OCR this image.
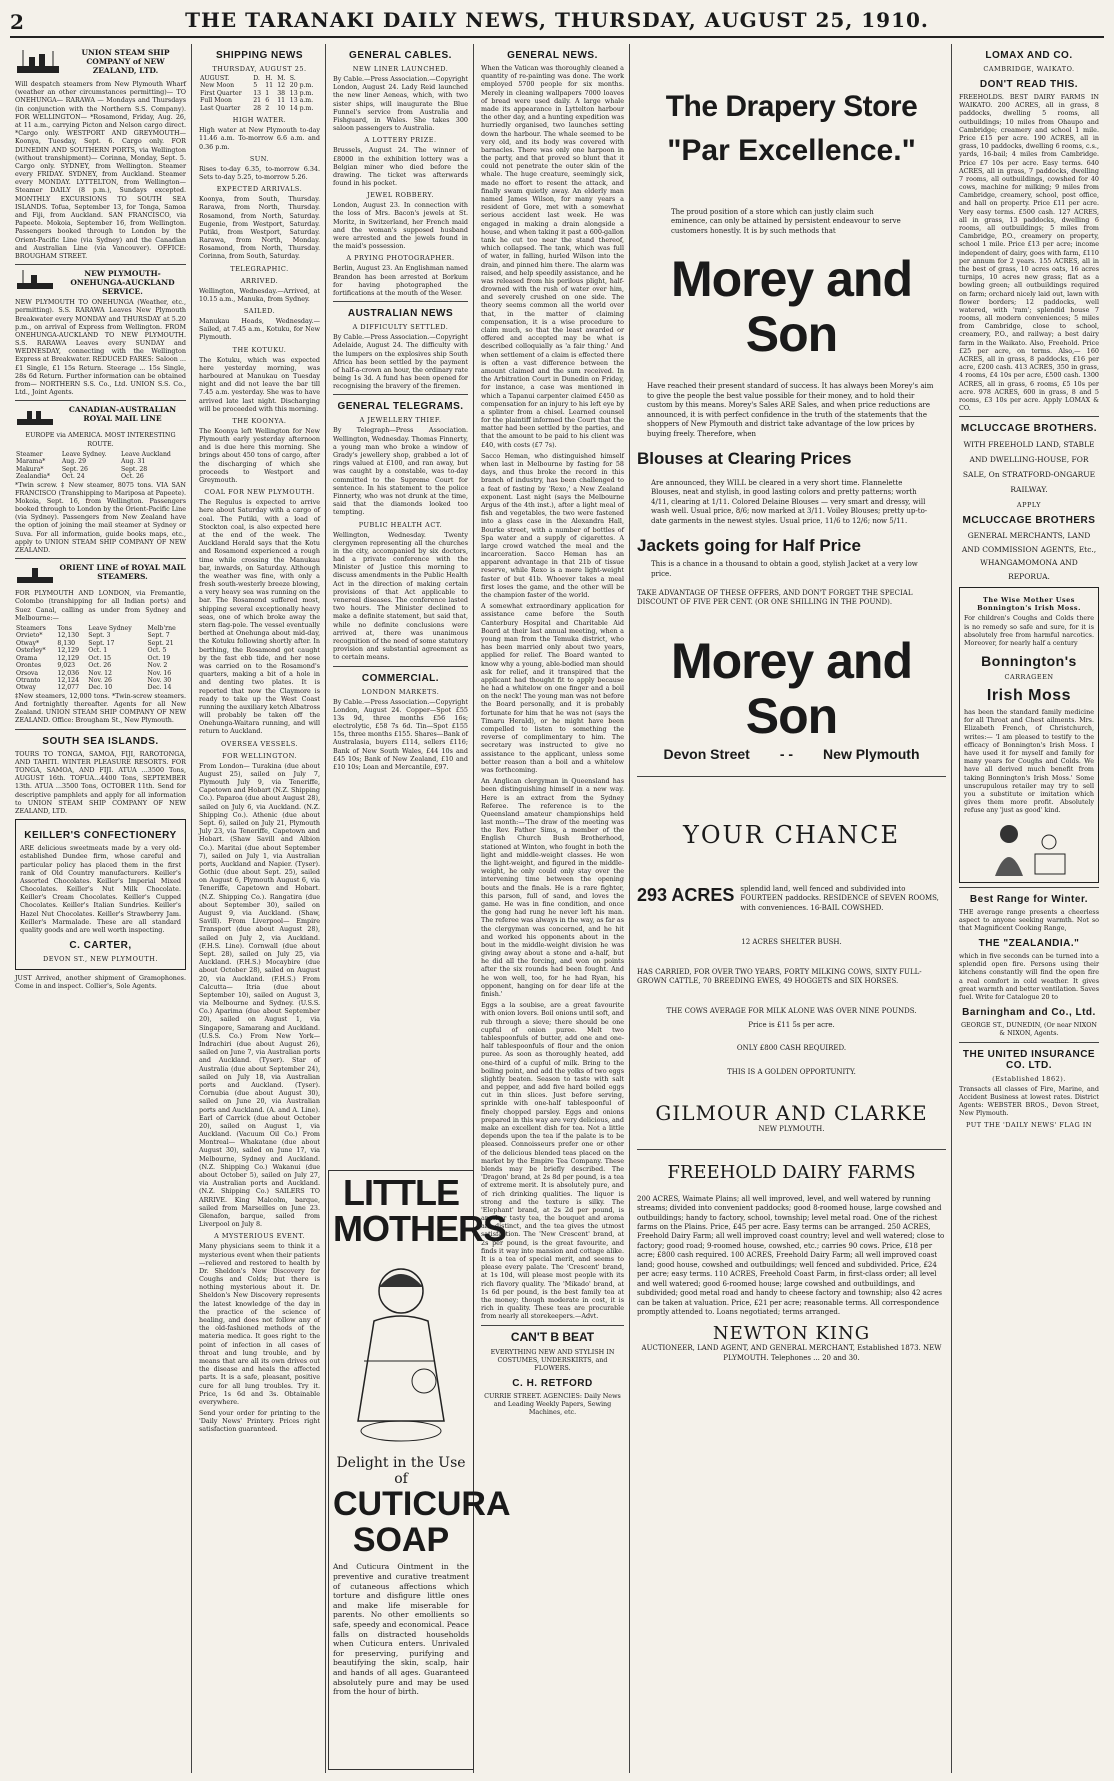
2	THE TARANAKI DAILY NEWS, THURSDAY, AUGUST 25, 1910.
UNION STEAM SHIP COMPANY of NEW ZEALAND, LTD.
Will despatch steamers from New Plymouth Wharf (weather an other circumstances permitting)— TO ONEHUNGA— RARAWA — Mondays and Thursdays (in conjunction with the Northern S.S. Company). FOR WELLINGTON— *Rosamond, Friday, Aug. 26, at 11 a.m., carrying Picton and Nelson cargo direct. *Cargo only. WESTPORT AND GREYMOUTH— Koonya, Tuesday, Sept. 6. Cargo only. FOR DUNEDIN AND SOUTHERN PORTS, via Wellington (without transhipment)— Corinna, Monday, Sept. 5. Cargo only. SYDNEY, from Wellington. Steamer every FRIDAY. SYDNEY, from Auckland. Steamer every MONDAY. LYTTELTON, from Wellington— Steamer DAILY (8 p.m.), Sundays excepted. MONTHLY EXCURSIONS TO SOUTH SEA ISLANDS. Tofua, September 13, for Tonga, Samoa and Fiji, from Auckland. SAN FRANCISCO, via Papeete. Mokoia, September 16, from Wellington. Passengers booked through to London by the Orient-Pacific Line (via Sydney) and the Canadian and Australian Line (via Vancouver). OFFICE: BROUGHAM STREET.
NEW PLYMOUTH-ONEHUNGA-AUCKLAND SERVICE.
NEW PLYMOUTH TO ONEHUNGA (Weather, etc., permitting). S.S. RARAWA Leaves New Plymouth Breakwater every MONDAY and THURSDAY at 5.20 p.m., on arrival of Express from Wellington. FROM ONEHUNGA-AUCKLAND TO NEW PLYMOUTH. S.S. RARAWA Leaves every SUNDAY and WEDNESDAY, connecting with the Wellington Express at Breakwater. REDUCED FARES: Saloon ... £1 Single, £1 15s Return. Steerage ... 15s Single, 28s 6d Return. Further information can be obtained from— NORTHERN S.S. Co., Ltd. UNION S.S. Co., Ltd., Joint Agents.
CANADIAN-AUSTRALIAN ROYAL MAIL LINE
EUROPE via AMERICA. MOST INTERESTING ROUTE.
Steamer	Leave Sydney.	Leave Auckland
Marama*	Aug. 29	Aug. 31
Makura*	Sept. 26	Sept. 28
Zealandia*	Oct. 24	Oct. 26
*Twin screw. ‡ New steamer, 8075 tons. VIA SAN FRANCISCO (Transhipping to Mariposa at Papeete). Mokoia, Sept. 16, from Wellington. Passengers booked through to London by the Orient-Pacific Line (via Sydney). Passengers from New Zealand have the option of joining the mail steamer at Sydney or Suva. For all information, guide books maps, etc., apply to UNION STEAM SHIP COMPANY OF NEW ZEALAND.
ORIENT LINE of ROYAL MAIL STEAMERS.
FOR PLYMOUTH AND LONDON, via Fremantle, Colombo (transhipping for all Indian ports) and Suez Canal, calling as under from Sydney and Melbourne:—
Steamers	Tons	Leave Sydney	Melb'rne
Orvieto*	12,130	Sept. 3	Sept. 7
Otway*	8,130	Sept. 17	Sept. 21
Osterley*	12,129	Oct. 1	Oct. 5
Orama	12,129	Oct. 15	Oct. 19
Orontes	9,023	Oct. 26	Nov. 2
Orsova	12,036	Nov. 12	Nov. 16
Otranto	12,124	Nov. 26	Nov. 30
Otway	12,077	Dec. 10	Dec. 14
‡New steamers, 12,000 tons. *Twin-screw steamers. And fortnightly thereafter. Agents for all New Zealand. UNION STEAM SHIP COMPANY OF NEW ZEALAND. Office: Brougham St., New Plymouth.
SOUTH SEA ISLANDS.
TOURS TO TONGA, SAMOA, FIJI, RAROTONGA, AND TAHITI. WINTER PLEASURE RESORTS. FOR TONGA, SAMOA, AND FIJI. ATUA ...3500 Tons, AUGUST 16th. TOFUA...4400 Tons, SEPTEMBER 13th. ATUA ...3500 Tons, OCTOBER 11th. Send for descriptive pamphlets and apply for all information to UNION STEAM SHIP COMPANY OF NEW ZEALAND, LTD.
KEILLER'S CONFECTIONERY
ARE delicious sweetmeats made by a very old-established Dundee firm, whose careful and particular policy has placed them in the first rank of Old Country manufacturers. Keiller's Assorted Chocolates. Keiller's Imperial Mixed Chocolates. Keiller's Nut Milk Chocolate. Keiller's Cream Chocolates. Keiller's Cupped Chocolates. Keiller's Italian Sundries. Keiller's Hazel Nut Chocolates. Keiller's Strawberry Jam. Keiller's Marmalade. These are all standard quality goods and are well worth inspecting.
C. CARTER,
DEVON ST., NEW PLYMOUTH.
JUST Arrived, another shipment of Gramophones. Come in and inspect. Collier's, Sole Agents.
SHIPPING NEWS
THURSDAY, AUGUST 25.
AUGUST.	D.	H.	M.	S.
New Moon	5	11	12	20 p.m.
First Quarter	13	1	38	13 p.m.
Full Moon	21	6	11	13 a.m.
Last Quarter	28	2	10	14 p.m.
HIGH WATER.
High water at New Plymouth to-day 11.46 a.m. To-morrow 6.6 a.m. and 0.36 p.m.
SUN.
Rises to-day 6.35, to-morrow 6.34. Sets to-day 5.25, to-morrow 5.26.
EXPECTED ARRIVALS.
Koonya, from South, Thursday. Rarawa, from North, Thursday. Rosamond, from North, Saturday. Eugenie, from Westport, Saturday. Putiki, from Westport, Saturday. Rarawa, from North, Monday. Rosamond, from North, Thursday. Corinna, from South, Saturday.
TELEGRAPHIC.
ARRIVED.
Wellington, Wednesday.—Arrived, at 10.15 a.m., Manuka, from Sydney.
SAILED.
Manukau Heads, Wednesday.—Sailed, at 7.45 a.m., Kotuku, for New Plymouth.
THE KOTUKU.
The Kotuku, which was expected here yesterday morning, was harboured at Manukau on Tuesday night and did not leave the bar till 7.45 a.m. yesterday. She was to have arrived late last night. Discharging will be proceeded with this morning.
THE KOONYA.
The Koonya left Wellington for New Plymouth early yesterday afternoon and is due here this morning. She brings about 450 tons of cargo, after the discharging of which she proceeds to Westport and Greymouth.
COAL FOR NEW PLYMOUTH.
The Regulus is expected to arrive here about Saturday with a cargo of coal. The Putiki, with a load of Stockton coal, is also expected here at the end of the week. The Auckland Herald says that the Kotu and Rosamond experienced a rough time while crossing the Manukau bar, inwards, on Saturday. Although the weather was fine, with only a fresh south-westerly breeze blowing, a very heavy sea was running on the bar. The Rosamond suffered most, shipping several exceptionally heavy seas, one of which broke away the stern flag-pole. The vessel eventually berthed at Onehunga about mid-day, the Kotuku following shortly after. In berthing, the Rosamond got caught by the fast ebb tide, and her nose was carried on to the Rosamond's quarters, making a bit of a hole in and denting two plates. It is reported that now the Claymore is ready to take up the West Coast running the auxiliary ketch Albatross will probably be taken off the Onehunga-Waitara running, and will return to Auckland.
OVERSEA VESSELS.
FOR WELLINGTON.
From London— Turakina (due about August 25), sailed on July 7, Plymouth July 9, via Teneriffe, Capetown and Hobart (N.Z. Shipping Co.). Paparoa (due about August 28), sailed on July 6, via Auckland. (N.Z. Shipping Co.). Athenic (due about Sept. 6), sailed on July 21, Plymouth July 23, via Teneriffe, Capetown and Hobart. (Shaw Savill and Albion Co.). Maritai (due about September 7), sailed on July 1, via Australian ports, Auckland and Napier. (Tyser). Gothic (due about Sept. 25), sailed on August 6, Plymouth August 6, via Teneriffe, Capetown and Hobart. (N.Z. Shipping Co.). Rangatira (due about September 30), sailed on August 9, via Auckland. (Shaw, Savill). From Liverpool— Empire Transport (due about August 28), sailed on July 2, via Auckland. (F.H.S. Line). Cornwall (due about Sept. 28), sailed on July 25, via Auckland. (F.H.S.) Mocaybire (due about October 28), sailed on August 20, via Auckland. (F.H.S.) From Calcutta— Itria (due about September 10), sailed on August 3, via Melbourne and Sydney. (U.S.S. Co.) Aparima (due about September 20), sailed on August 1, via Singapore, Samarang and Auckland. (U.S.S. Co.) From New York— Indrachiri (due about August 26), sailed on June 7, via Australian ports and Auckland. (Tyser). Star of Australia (due about September 24), sailed on July 18, via Australian ports and Auckland. (Tyser). Cornubia (due about August 30), sailed on June 20, via Australian ports and Auckland. (A. and A. Line). Earl of Carrick (due about October 20), sailed on August 1, via Auckland. (Vacuum Oil Co.) From Montreal— Whakatane (due about August 30), sailed on June 17, via Melbourne, Sydney and Auckland. (N.Z. Shipping Co.) Wakanui (due about October 5), sailed on July 27, via Australian ports and Auckland. (N.Z. Shipping Co.) SAILERS TO ARRIVE. King Malcolm, barque, sailed from Marseilles on June 23. Glenafon, barque, sailed from Liverpool on July 8.
A MYSTERIOUS EVENT.
Many physicians seem to think it a mysterious event when their patients—relieved and restored to health by Dr. Sheldon's New Discovery for Coughs and Colds; but there is nothing mysterious about it. Dr. Sheldon's New Discovery represents the latest knowledge of the day in the practice of the science of healing, and does not follow any of the old-fashioned methods of the materia medica. It goes right to the point of infection in all cases of throat and lung trouble, and by means that are all its own drives out the disease and heals the affected parts. It is a safe, pleasant, positive cure for all lung troubles. Try it. Price, 1s 6d and 3s. Obtainable everywhere.
Send your order for printing to the 'Daily News' Printery. Prices right satisfaction guaranteed.
GENERAL CABLES.
NEW LINER LAUNCHED.
By Cable.—Press Association.—Copyright London, August 24. Lady Reid launched the new liner Aeneas, which, with two sister ships, will inaugurate the Blue Funnel's service from Australia and Fishguard, in Wales. She takes 300 saloon passengers to Australia.
A LOTTERY PRIZE.
Brussels, August 24. The winner of £8000 in the exhibition lottery was a Belgian miner who died before the drawing. The ticket was afterwards found in his pocket.
JEWEL ROBBERY.
London, August 23. In connection with the loss of Mrs. Bacon's jewels at St. Moritz, in Switzerland, her French maid and the woman's supposed husband were arrested and the jewels found in the maid's possession.
A PRYING PHOTOGRAPHER.
Berlin, August 23. An Englishman named Brandon has been arrested at Borkum for having photographed the fortifications at the mouth of the Weser.
AUSTRALIAN NEWS
A DIFFICULTY SETTLED.
By Cable.—Press Association.—Copyright Adelaide, August 24. The difficulty with the lumpers on the explosives ship South Africa has been settled by the payment of half-a-crown an hour, the ordinary rate being 1s 3d. A fund has been opened for recognising the bravery of the firemen.
GENERAL TELEGRAMS.
A JEWELLERY THIEF.
By Telegraph—Press Association. Wellington, Wednesday. Thomas Finnerty, a young man who broke a window of Grady's jewellery shop, grabbed a lot of rings valued at £100, and ran away, but was caught by a constable, was to-day committed to the Supreme Court for sentence. In his statement to the police Finnerty, who was not drunk at the time, said that the diamonds looked too tempting.
PUBLIC HEALTH ACT.
Wellington, Wednesday. Twenty clergymen representing all the churches in the city, accompanied by six doctors, had a private conference with the Minister of Justice this morning to discuss amendments in the Public Health Act in the direction of making certain provisions of that Act applicable to venereal diseases. The conference lasted two hours. The Minister declined to make a definite statement, but said that, while no definite conclusions were arrived at, there was unanimous recognition of the need of some statutory provision and substantial agreement as to certain means.
COMMERCIAL.
LONDON MARKETS.
By Cable.—Press Association.—Copyright London, August 24. Copper—Spot £55 13s 9d, three months £56 16s; electrolytic, £58 7s 6d. Tin—Spot £155 15s, three months £155. Shares—Bank of Australasia, buyers £114, sellers £116; Bank of New South Wales, £44 10s and £45 10s; Bank of New Zealand, £10 and £10 10s; Loan and Mercantile, £97.
LITTLE MOTHERS
Delight in the Use of
CUTICURA SOAP
And Cuticura Ointment in the preventive and curative treatment of cutaneous affections which torture and disfigure little ones and make life miserable for parents. No other emollients so safe, speedy and economical. Peace falls on distracted households when Cuticura enters. Unrivaled for preserving, purifying and beautifying the skin, scalp, hair and hands of all ages. Guaranteed absolutely pure and may be used from the hour of birth.
GENERAL NEWS.
When the Vatican was thoroughly cleaned a quantity of re-painting was done. The work employed 5700 people for six months. Merely in cleaning wallpapers 7000 loaves of bread were used daily. A large whale made its appearance in Lyttelton harbour the other day, and a hunting expedition was hurriedly organised, two launches setting down the harbour. The whale seemed to be very old, and its body was covered with barnacles. There was only one harpoon in the party, and that proved so blunt that it could not penetrate the outer skin of the whale. The huge creature, seemingly sick, made no effort to resent the attack, and finally swam quietly away. An elderly man named James Wilson, for many years a resident of Gore, met with a somewhat serious accident last week. He was engaged in making a drain alongside a house, and when taking it past a 600-gallon tank he cut too near the stand thereof, which collapsed. The tank, which was full of water, in falling, hurled Wilson into the drain, and pinned him there. The alarm was raised, and help speedily assistance, and he was released from his perilous plight, half-drowned with the rush of water over him, and severely crushed on one side. The theory seems common all the world over that, in the matter of claiming compensation, it is a wise procedure to claim much, so that the least awarded or offered and accepted may be what is described colloquially as 'a fair thing.' And when settlement of a claim is effected there is often a vast difference between the amount claimed and the sum received. In the Arbitration Court in Dunedin on Friday, for instance, a case was mentioned in which a Tapanui carpenter claimed £450 as compensation for an injury to his left eye by a splinter from a chisel. Learned counsel for the plaintiff informed the Court that the matter had been settled by the parties, and that the amount to be paid to his client was £40, with costs (£7 7s).
Sacco Heman, who distinguished himself when last in Melbourne by fasting for 58 days, and thus broke the record in this branch of industry, has been challenged to a feat of fasting by 'Rexo,' a New Zealand exponent. Last night (says the Melbourne Argus of the 4th inst.), after a light meal of fish and vegetables, the two were fastened into a glass case in the Alexandra Hall, Bourke street, with a number of bottles of Spa water and a supply of cigarettes. A large crowd watched the meal and the incarceration. Sacco Heman has an apparent advantage in that 21b of tissue reserve, while Rexo is a mere light-weight faster of but 41b. Whoever takes a meal first loses the game, and the other will be the champion faster of the world.
A somewhat extraordinary application for assistance came before the South Canterbury Hospital and Charitable Aid Board at their last annual meeting, when a young man from the Temuka district, who has been married only about two years, applied for relief. The Board wanted to know why a young, able-bodied man should ask for relief, and it transpired that the applicant had thought fit to apply because he had a whitelow on one finger and a boil on the neck! The young man was not before the Board personally, and it is probably fortunate for him that he was not (says the Timaru Herald), or he might have been compelled to listen to something the reverse of complimentary to him. The secretary was instructed to give no assistance to the applicant, unless some better reason than a boil and a whitelow was forthcoming.
An Anglican clergyman in Queensland has been distinguishing himself in a new way. Here is an extract from the Sydney Referee. The reference is to the Queensland amateur championships held last month:—'The draw of the meeting was the Rev. Father Sims, a member of the English Church Bush Brotherhood, stationed at Winton, who fought in both the light and middle-weight classes. He won the light-weight, and figured in the middle-weight, he only could only stay over the intervening time between the opening bouts and the finals. He is a rare fighter, this parson, full of sand, and loves the game. He was in fine condition, and once the gong had rung he never left his man. The referee was always in the way, as far as the clergyman was concerned, and he hit and worked his opponents about in the bout in the middle-weight division he was giving away about a stone and a-half, but he did all the forcing, and won on points after the six rounds had been fought. And he won well, too, for he had Ryan, his opponent, hanging on for dear life at the finish.'
Eggs a la soubise, are a great favourite with onion lovers. Boil onions until soft, and rub through a sieve; there should be one cupful of onion puree. Melt two tablespoonfuls of butter, add one and one-half tablespoonfuls of flour and the onion puree. As soon as thoroughly heated, add one-third of a cupful of milk. Bring to the boiling point, and add the yolks of two eggs slightly beaten. Season to taste with salt and pepper, and add five hard boiled eggs cut in thin slices. Just before serving, sprinkle with one-half tablespoonful of finely chopped parsley. Eggs and onions prepared in this way are very delicious, and make an excellent dish for tea. Not a little depends upon the tea if the palate is to be pleased. Connoisseurs prefer one or other of the delicious blended teas placed on the market by the Empire Tea Company. These blends may be briefly described. The 'Dragon' brand, at 2s 8d per pound, is a tea of extreme merit. It is absolutely pure, and of rich drinking qualities. The liquor is strong and the texture is silky. The 'Elephant' brand, at 2s 2d per pound, is another tasty tea, the bouquet and aroma are distinct, and the tea gives the utmost satisfaction. The 'New Crescent' brand, at 2s per pound, is the great favourite, and finds it way into mansion and cottage alike. It is a tea of special merit, and seems to please every palate. The 'Crescent' brand, at 1s 10d, will please most people with its rich flavory quality. The 'Mikado' brand, at 1s 6d per pound, is the best family tea at the money; though moderate in cost, it is rich in quality. These teas are procurable from nearly all storekeepers.—Advt.
CAN'T B BEAT
EVERYTHING NEW AND STYLISH IN COSTUMES, UNDERSKIRTS, and FLOWERS.
C. H. RETFORD
CURRIE STREET. AGENCIES: Daily News and Leading Weekly Papers, Sewing Machines, etc.
The Drapery Store
"Par Excellence."
The proud position of a store which can justly claim such eminence, can only be attained by persistent endeavour to serve customers honestly. It is by such methods that
Morey and Son
Have reached their present standard of success. It has always been Morey's aim to give the people the best value possible for their money, and to hold their custom by this means. Morey's Sales ARE Sales, and when price reductions are announced, it is with perfect confidence in the truth of the statements that the shoppers of New Plymouth and district take advantage of the low prices by buying freely. Therefore, when
Blouses at Clearing Prices
Are announced, they WILL be cleared in a very short time. Flannelette Blouses, neat and stylish, in good lasting colors and pretty patterns; worth 4/11, clearing at 1/11. Colored Delaine Blouses — very smart and dressy, will wash well. Usual price, 8/6; now marked at 3/11. Voiley Blouses; pretty up-to-date garments in the newest styles. Usual price, 11/6 to 12/6; now 5/11.
Jackets going for Half Price
This is a chance in a thousand to obtain a good, stylish Jacket at a very low price.
TAKE ADVANTAGE OF THESE OFFERS, AND DON'T FORGET THE SPECIAL DISCOUNT OF FIVE PER CENT. (OR ONE SHILLING IN THE POUND).
Morey and Son
Devon Street - - New Plymouth
YOUR CHANCE
293 ACRES splendid land, well fenced and subdivided into FOURTEEN paddocks. RESIDENCE of SEVEN ROOMS, with conveniences. 16-BAIL COWSHED.
12 ACRES SHELTER BUSH.
HAS CARRIED, FOR OVER TWO YEARS, FORTY MILKING COWS, SIXTY FULL-GROWN CATTLE, 70 BREEDING EWES, 49 HOGGETS and SIX HORSES.
THE COWS AVERAGE FOR MILK ALONE WAS OVER NINE POUNDS.
Price is £11 5s per acre.
ONLY £800 CASH REQUIRED.
THIS IS A GOLDEN OPPORTUNITY.
GILMOUR AND CLARKE
NEW PLYMOUTH.
FREEHOLD DAIRY FARMS
200 ACRES, Waimate Plains; all well improved, level, and well watered by running streams; divided into convenient paddocks; good 8-roomed house, large cowshed and outbuildings; handy to factory, school, township; level metal road. One of the richest farms on the Plains. Price, £45 per acre. Easy terms can be arranged. 250 ACRES, Freehold Dairy Farm; all well improved coast country; level and well watered; close to factory; good road; 9-roomed house, cowshed, etc.; carries 90 cows. Price, £18 per acre; £800 cash required. 100 ACRES, Freehold Dairy Farm; all well improved coast land; good house, cowshed and outbuildings; well fenced and subdivided. Price, £24 per acre; easy terms. 110 ACRES, Freehold Coast Farm, in first-class order; all level and well watered; good 6-roomed house; large cowshed and outbuildings, and subdivided; good metal road and handy to cheese factory and township; also 42 acres can be taken at valuation. Price, £21 per acre; reasonable terms. All correspondence promptly attended to. Loans negotiated; terms arranged.
NEWTON KING
AUCTIONEER, LAND AGENT, AND GENERAL MERCHANT, Established 1873. NEW PLYMOUTH. Telephones ... 20 and 30.
LOMAX AND CO.
CAMBRIDGE, WAIKATO.
DON'T READ THIS.
FREEHOLDS. BEST DAIRY FARMS IN WAIKATO. 200 ACRES, all in grass, 8 paddocks, dwelling 5 rooms, all outbuildings; 10 miles from Ohaupo and Cambridge; creamery and school 1 mile. Price £15 per acre. 190 ACRES, all in grass, 10 paddocks, dwelling 6 rooms, c.s., yards, 16-bail; 4 miles from Cambridge. Price £7 10s per acre. Easy terms. 640 ACRES, all in grass, 7 paddocks, dwelling 7 rooms, all outbuildings, cowshed for 40 cows, machine for milking; 9 miles from Cambridge, creamery, school, post office, and hall on property. Price £11 per acre. Very easy terms. £500 cash. 127 ACRES, all in grass, 13 paddocks, dwelling 6 rooms, all outbuildings; 5 miles from Cambridge, P.O., creamery on property, school 1 mile. Price £13 per acre; income independent of dairy, goes with farm, £110 per annum for 2 years. 155 ACRES, all in the best of grass, 10 acres oats, 16 acres turnips, 10 acres new grass; flat as a bowling green; all outbuildings required on farm; orchard nicely laid out, lawn with flower borders; 12 paddocks, well watered, with 'ram'; splendid house 7 rooms, all modern conveniences; 5 miles from Cambridge, close to school, creamery, P.O., and railway; a best dairy farm in the Waikato. Also, Freehold. Price £25 per acre, on terms. Also,— 160 ACRES, all in grass, 8 paddocks, £16 per acre, £200 cash. 413 ACRES, 350 in grass, 4 rooms, £4 10s per acre, £500 cash. 1300 ACRES, all in grass, 6 rooms, £5 10s per acre. 978 ACRES, 600 in grass, 8 and 5 rooms, £3 10s per acre. Apply LOMAX & CO.
MCLUCCAGE BROTHERS.
WITH FREEHOLD LAND, STABLE AND DWELLING-HOUSE, FOR SALE, On STRATFORD-ONGARUE RAILWAY.
APPLY
MCLUCCAGE BROTHERS
GENERAL MERCHANTS, LAND AND COMMISSION AGENTS, Etc., WHANGAMOMONA AND REPORUA.
The Wise Mother Uses Bonnington's Irish Moss.
For children's Coughs and Colds there is no remedy so safe and sure, for it is absolutely free from harmful narcotics. Moreover, for nearly half a century
Bonnington's
CARRAGEEN
Irish Moss
has been the standard family medicine for all Throat and Chest ailments. Mrs. Elizabeth French, of Christchurch, writes:— 'I am pleased to testify to the efficacy of Bonnington's Irish Moss. I have used it for myself and family for many years for Coughs and Colds. We have all derived much benefit from taking Bonnington's Irish Moss.' Some unscrupulous retailer may try to sell you a substitute or imitation which gives them more profit. Absolutely refuse any 'just as good' kind.
Best Range for Winter.
THE average range presents a cheerless aspect to anyone seeking warmth. Not so that Magnificent Cooking Range,
THE "ZEALANDIA."
which in five seconds can be turned into a splendid open fire. Persons using their kitchens constantly will find the open fire a real comfort in cold weather. It gives great warmth and better ventilation. Saves fuel. Write for Catalogue 20 to
Barningham and Co., Ltd.
GEORGE ST., DUNEDIN, (Or near NIXON & NIXON, Agents.
THE UNITED INSURANCE CO. LTD.
(Established 1862).
Transacts all classes of Fire, Marine, and Accident Business at lowest rates. District Agents: WEBSTER BROS., Devon Street, New Plymouth.
PUT THE 'DAILY NEWS' FLAG IN
